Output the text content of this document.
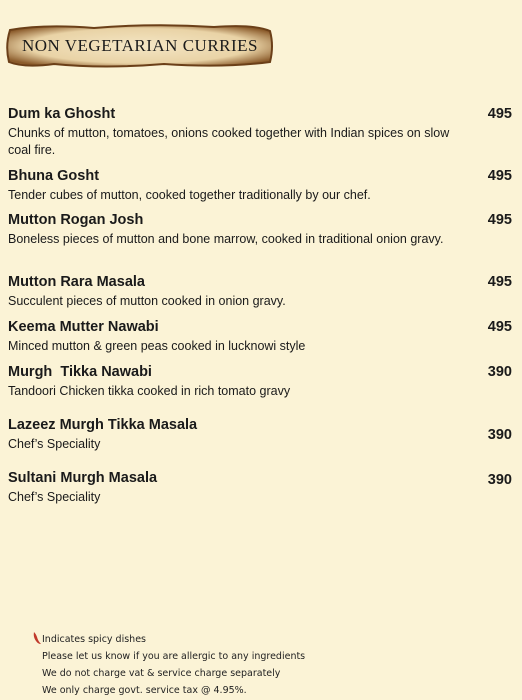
NON VEGETARIAN CURRIES
Dum ka Ghosht
Chunks of mutton, tomatoes, onions cooked together with Indian spices on slow coal fire.
495
Bhuna Gosht
Tender cubes of mutton, cooked together traditionally by our chef.
495
Mutton Rogan Josh
Boneless pieces of mutton and bone marrow, cooked in traditional onion gravy.
495
Mutton Rara Masala
Succulent pieces of mutton cooked in onion gravy.
495
Keema Mutter Nawabi
Minced mutton & green peas cooked in lucknowi style
495
Murgh  Tikka Nawabi
Tandoori Chicken tikka cooked in rich tomato gravy
390
Lazeez Murgh Tikka Masala
Chef’s Speciality
390
Sultani Murgh Masala
Chef’s Speciality
390
Indicates spicy dishes
Please let us know if you are allergic to any ingredients
We do not charge vat & service charge separately
We only charge govt. service tax @ 4.95%.
